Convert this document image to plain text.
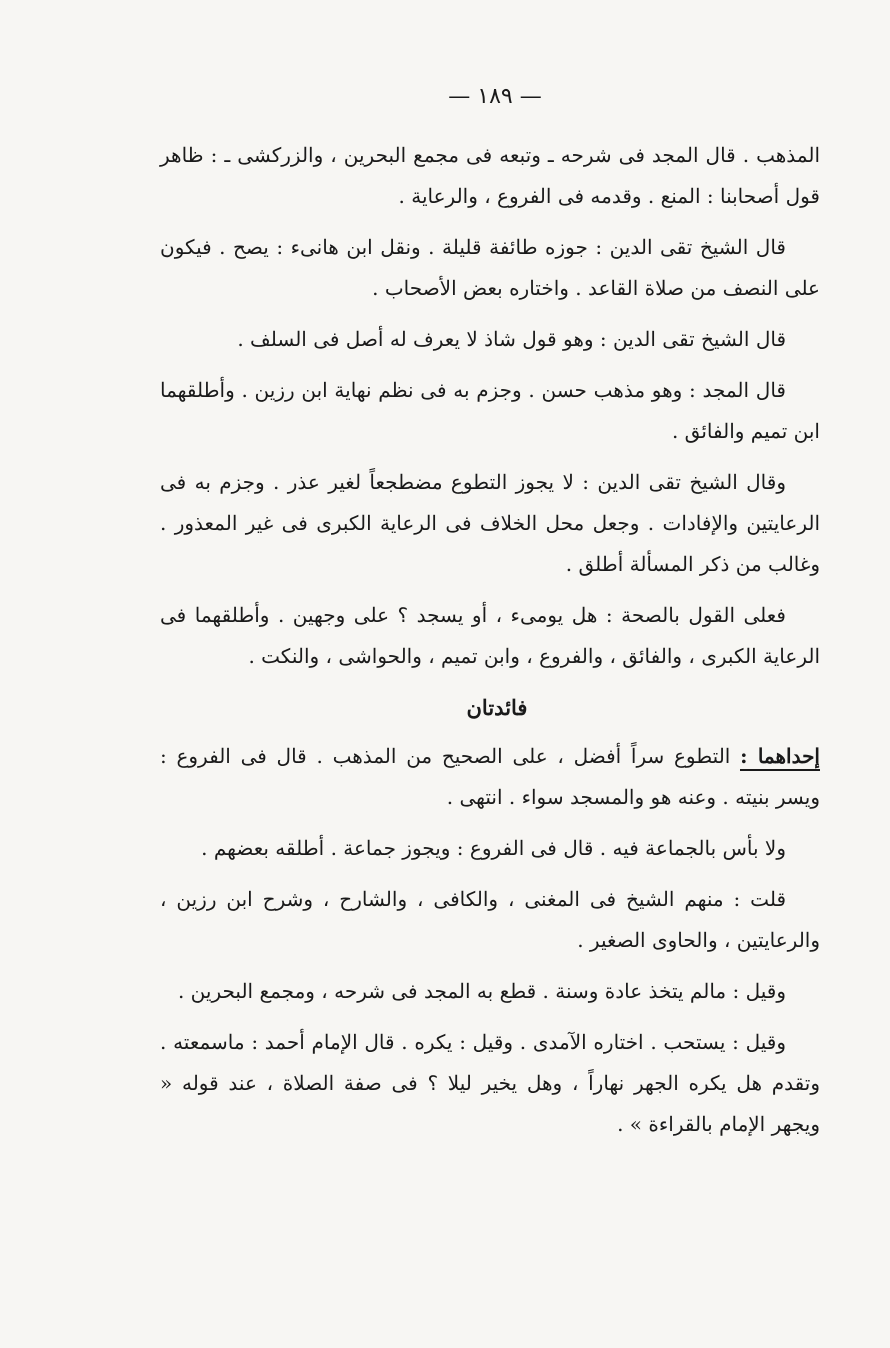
— ١٨٩ —

المذهب . قال المجد فى شرحه ـ وتبعه فى مجمع البحرين ، والزركشى ـ : ظاهر قول أصحابنا : المنع . وقدمه فى الفروع ، والرعاية .

قال الشيخ تقى الدين : جوزه طائفة قليلة . ونقل ابن هانىء : يصح . فيكون على النصف من صلاة القاعد . واختاره بعض الأصحاب .

قال الشيخ تقى الدين : وهو قول شاذ لا يعرف له أصل فى السلف .

قال المجد : وهو مذهب حسن . وجزم به فى نظم نهاية ابن رزين . وأطلقهما ابن تميم والفائق .

وقال الشيخ تقى الدين : لا يجوز التطوع مضطجعاً لغير عذر . وجزم به فى الرعايتين والإفادات . وجعل محل الخلاف فى الرعاية الكبرى فى غير المعذور . وغالب من ذكر المسألة أطلق .

فعلى القول بالصحة : هل يومىء ، أو يسجد ؟ على وجهين . وأطلقهما فى الرعاية الكبرى ، والفائق ، والفروع ، وابن تميم ، والحواشى ، والنكت .

فائدتان

إحداهما : التطوع سراً أفضل ، على الصحيح من المذهب . قال فى الفروع : ويسر بنيته . وعنه هو والمسجد سواء . انتهى .

ولا بأس بالجماعة فيه . قال فى الفروع : ويجوز جماعة . أطلقه بعضهم .

قلت : منهم الشيخ فى المغنى ، والكافى ، والشارح ، وشرح ابن رزين ، والرعايتين ، والحاوى الصغير .

وقيل : مالم يتخذ عادة وسنة . قطع به المجد فى شرحه ، ومجمع البحرين .

وقيل : يستحب . اختاره الآمدى . وقيل : يكره . قال الإمام أحمد : ماسمعته . وتقدم هل يكره الجهر نهاراً ، وهل يخير ليلا ؟ فى صفة الصلاة ، عند قوله « ويجهر الإمام بالقراءة » .
